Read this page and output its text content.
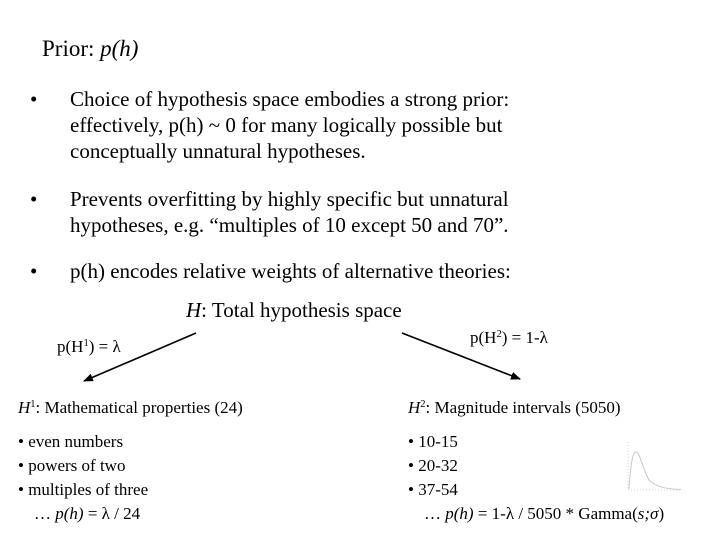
Prior: p(h)
• Choice of hypothesis space embodies a strong prior:
effectively, p(h) ~ 0 for many logically possible but
conceptually unnatural hypotheses.
• Prevents overfitting by highly specific but unnatural
hypotheses, e.g. “multiples of 10 except 50 and 70”.
• p(h) encodes relative weights of alternative theories:
H: Total hypothesis space
$p(H^1) = \lambda$	$p(H^2) = 1-\lambda$
$H^1$: Mathematical properties (24)
• even numbers
• powers of two
• multiples of three
… p(h) = λ / 24
$H^2$: Magnitude intervals (5050)
• 10-15
• 20-32
• 37-54
… p(h) = 1-λ / 5050 * Gamma(s;σ)
